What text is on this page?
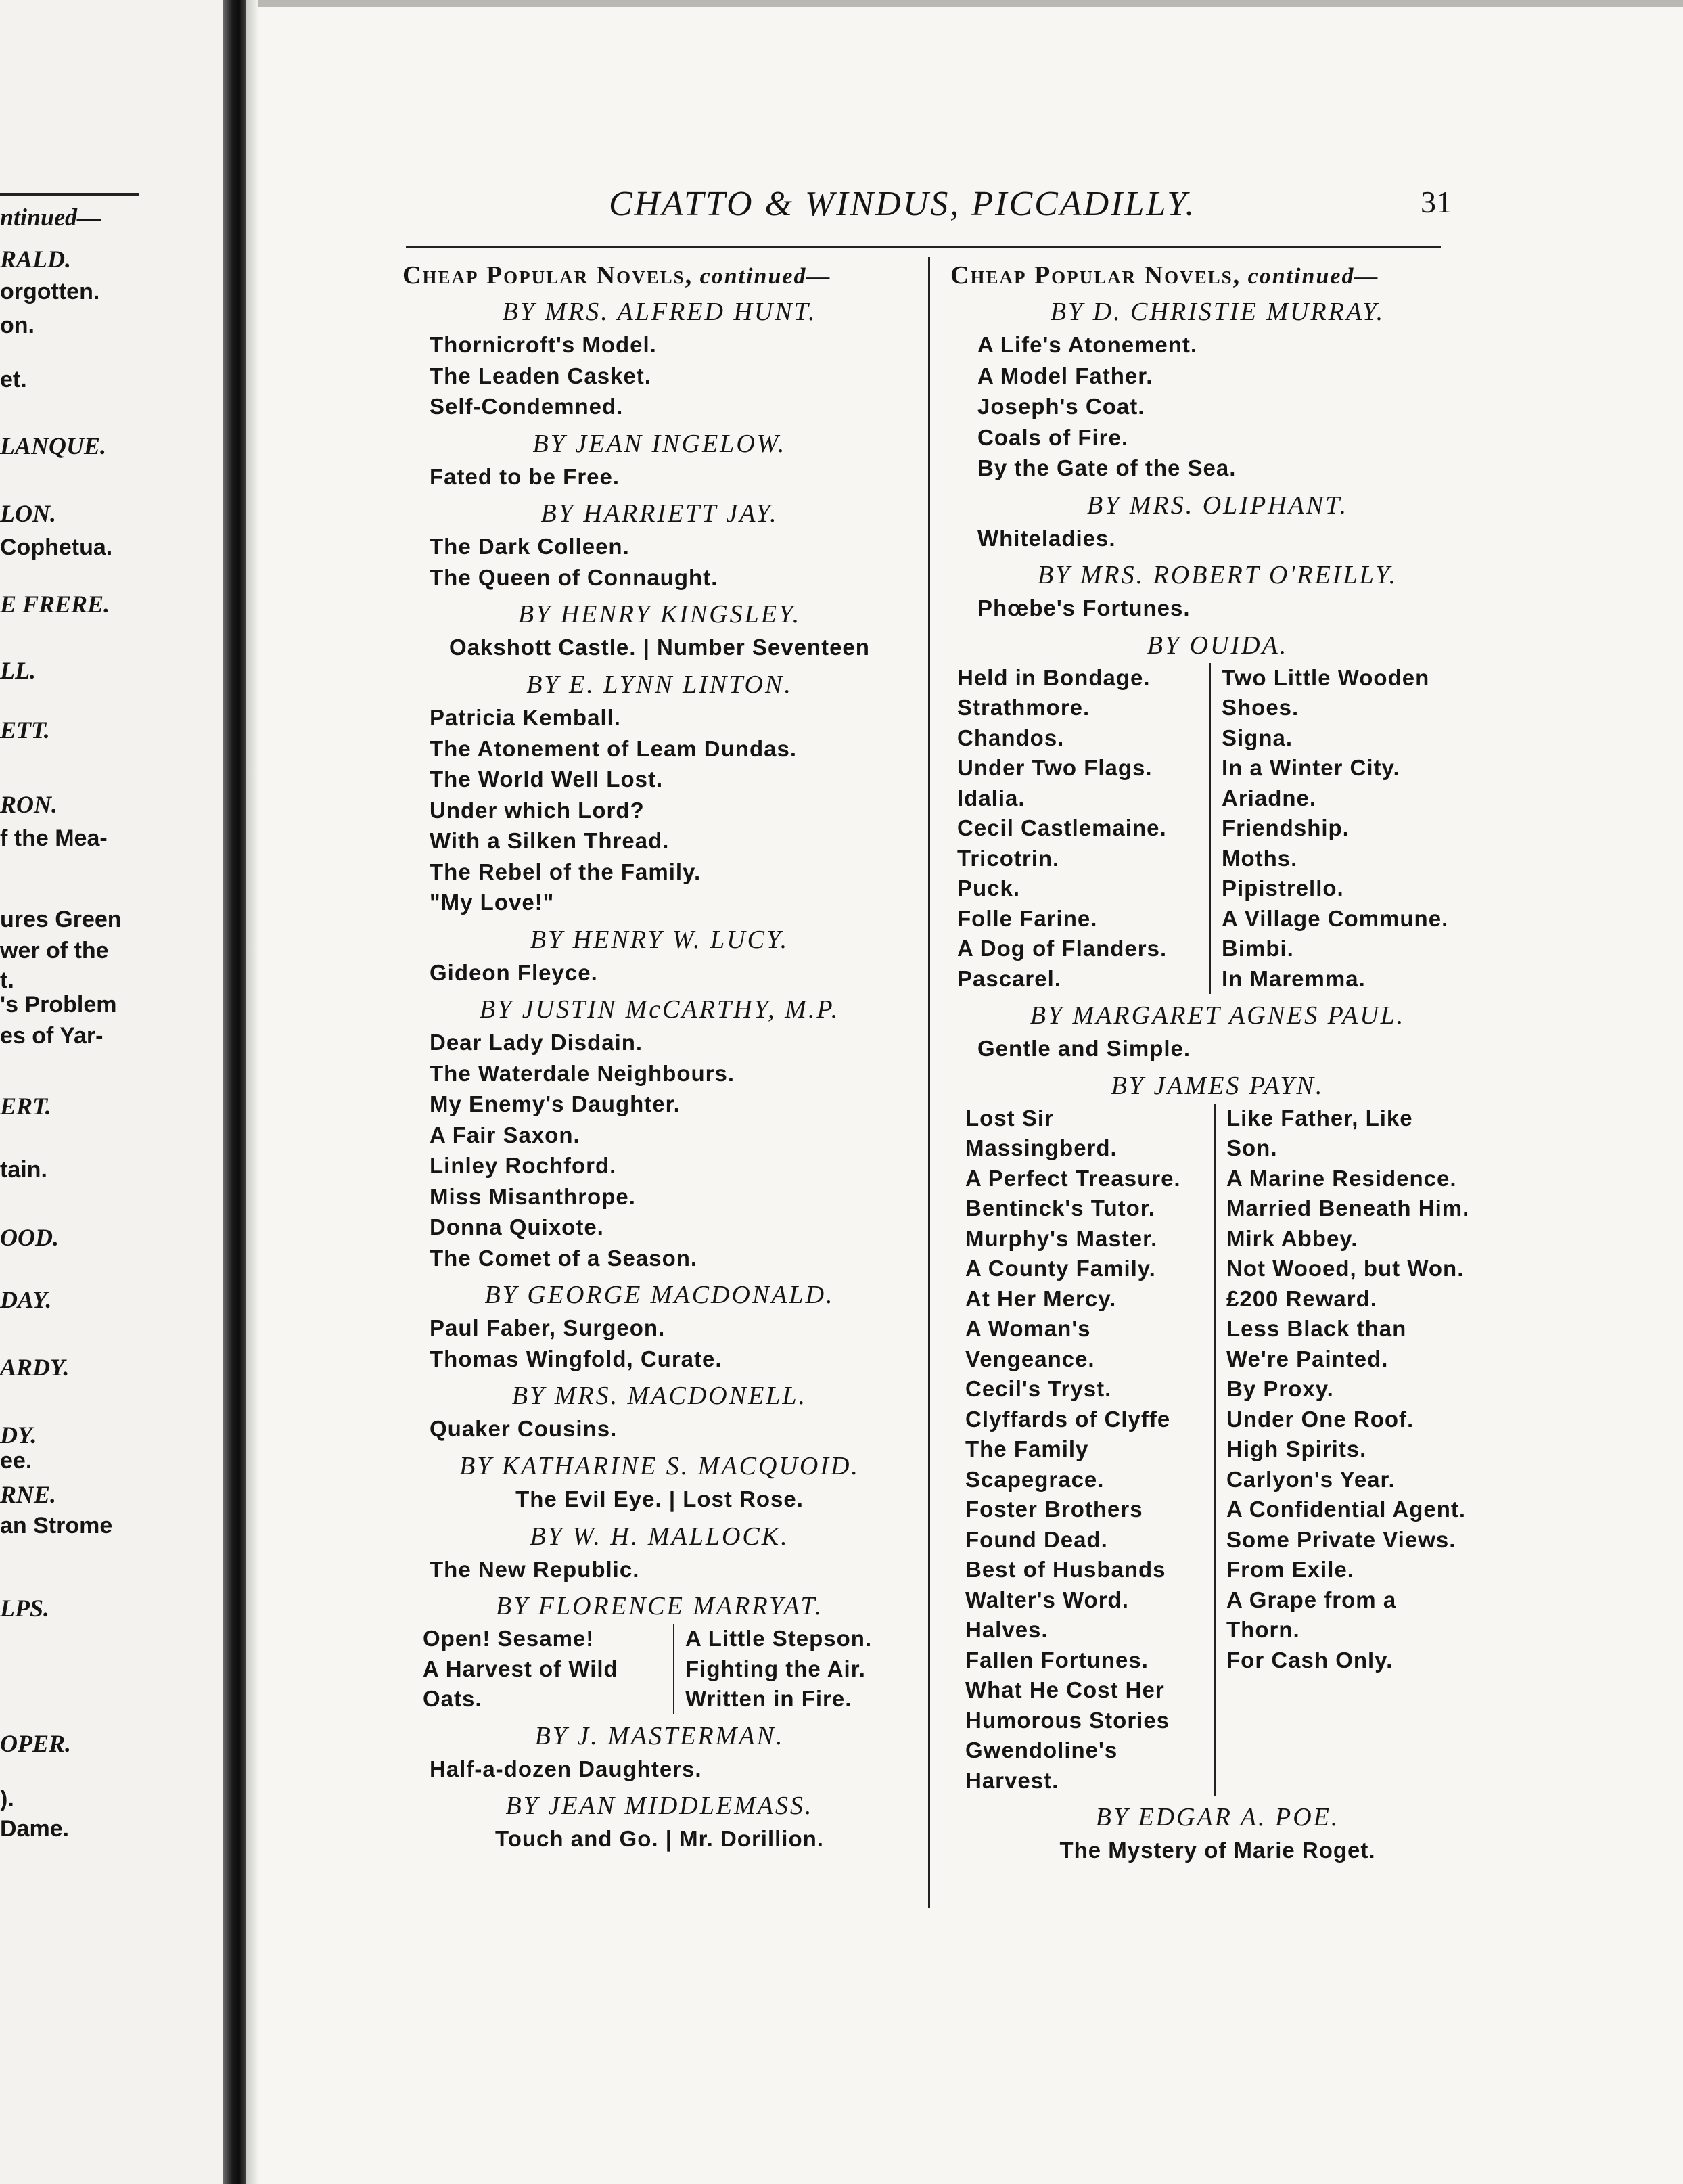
ntinued—
RALD.
orgotten.
on.
et.
LANQUE.
LON.
Cophetua.
E FRERE.
LL.
ETT.
RON.
f the Mea-
ures Green
wer of the
t.
's Problem
es of Yar-
ERT.
tain.
OOD.
DAY.
ARDY.
DY.
ee.
RNE.
an Strome
LPS.
OPER.
).
Dame.
CHATTO & WINDUS, PICCADILLY.	31
Cheap Popular Novels, continued—
BY MRS. ALFRED HUNT.
Thornicroft's Model.
The Leaden Casket.
Self-Condemned.
BY JEAN INGELOW.
Fated to be Free.
BY HARRIETT JAY.
The Dark Colleen.
The Queen of Connaught.
BY HENRY KINGSLEY.
Oakshott Castle. | Number Seventeen
BY E. LYNN LINTON.
Patricia Kemball.
The Atonement of Leam Dundas.
The World Well Lost.
Under which Lord?
With a Silken Thread.
The Rebel of the Family.
"My Love!"
BY HENRY W. LUCY.
Gideon Fleyce.
BY JUSTIN McCARTHY, M.P.
Dear Lady Disdain.
The Waterdale Neighbours.
My Enemy's Daughter.
A Fair Saxon.
Linley Rochford.
Miss Misanthrope.
Donna Quixote.
The Comet of a Season.
BY GEORGE MACDONALD.
Paul Faber, Surgeon.
Thomas Wingfold, Curate.
BY MRS. MACDONELL.
Quaker Cousins.
BY KATHARINE S. MACQUOID.
The Evil Eye. | Lost Rose.
BY W. H. MALLOCK.
The New Republic.
BY FLORENCE MARRYAT.
Open! Sesame!
A Harvest of Wild Oats.
A Little Stepson.
Fighting the Air.
Written in Fire.
BY J. MASTERMAN.
Half-a-dozen Daughters.
BY JEAN MIDDLEMASS.
Touch and Go. | Mr. Dorillion.
Cheap Popular Novels, continued—
BY D. CHRISTIE MURRAY.
A Life's Atonement.
A Model Father.
Joseph's Coat.
Coals of Fire.
By the Gate of the Sea.
BY MRS. OLIPHANT.
Whiteladies.
BY MRS. ROBERT O'REILLY.
Phœbe's Fortunes.
BY OUIDA.
Held in Bondage.
Strathmore.
Chandos.
Under Two Flags.
Idalia.
Cecil Castlemaine.
Tricotrin.
Puck.
Folle Farine.
A Dog of Flanders.
Pascarel.
Two Little Wooden Shoes.
Signa.
In a Winter City.
Ariadne.
Friendship.
Moths.
Pipistrello.
A Village Commune.
Bimbi.
In Maremma.
BY MARGARET AGNES PAUL.
Gentle and Simple.
BY JAMES PAYN.
Lost Sir Massingberd.
A Perfect Treasure.
Bentinck's Tutor.
Murphy's Master.
A County Family.
At Her Mercy.
A Woman's Vengeance.
Cecil's Tryst.
Clyffards of Clyffe
The Family Scapegrace.
Foster Brothers
Found Dead.
Best of Husbands
Walter's Word.
Halves.
Fallen Fortunes.
What He Cost Her
Humorous Stories
Gwendoline's Harvest.
Like Father, Like Son.
A Marine Residence.
Married Beneath Him.
Mirk Abbey.
Not Wooed, but Won.
£200 Reward.
Less Black than We're Painted.
By Proxy.
Under One Roof.
High Spirits.
Carlyon's Year.
A Confidential Agent.
Some Private Views.
From Exile.
A Grape from a Thorn.
For Cash Only.
BY EDGAR A. POE.
The Mystery of Marie Roget.
